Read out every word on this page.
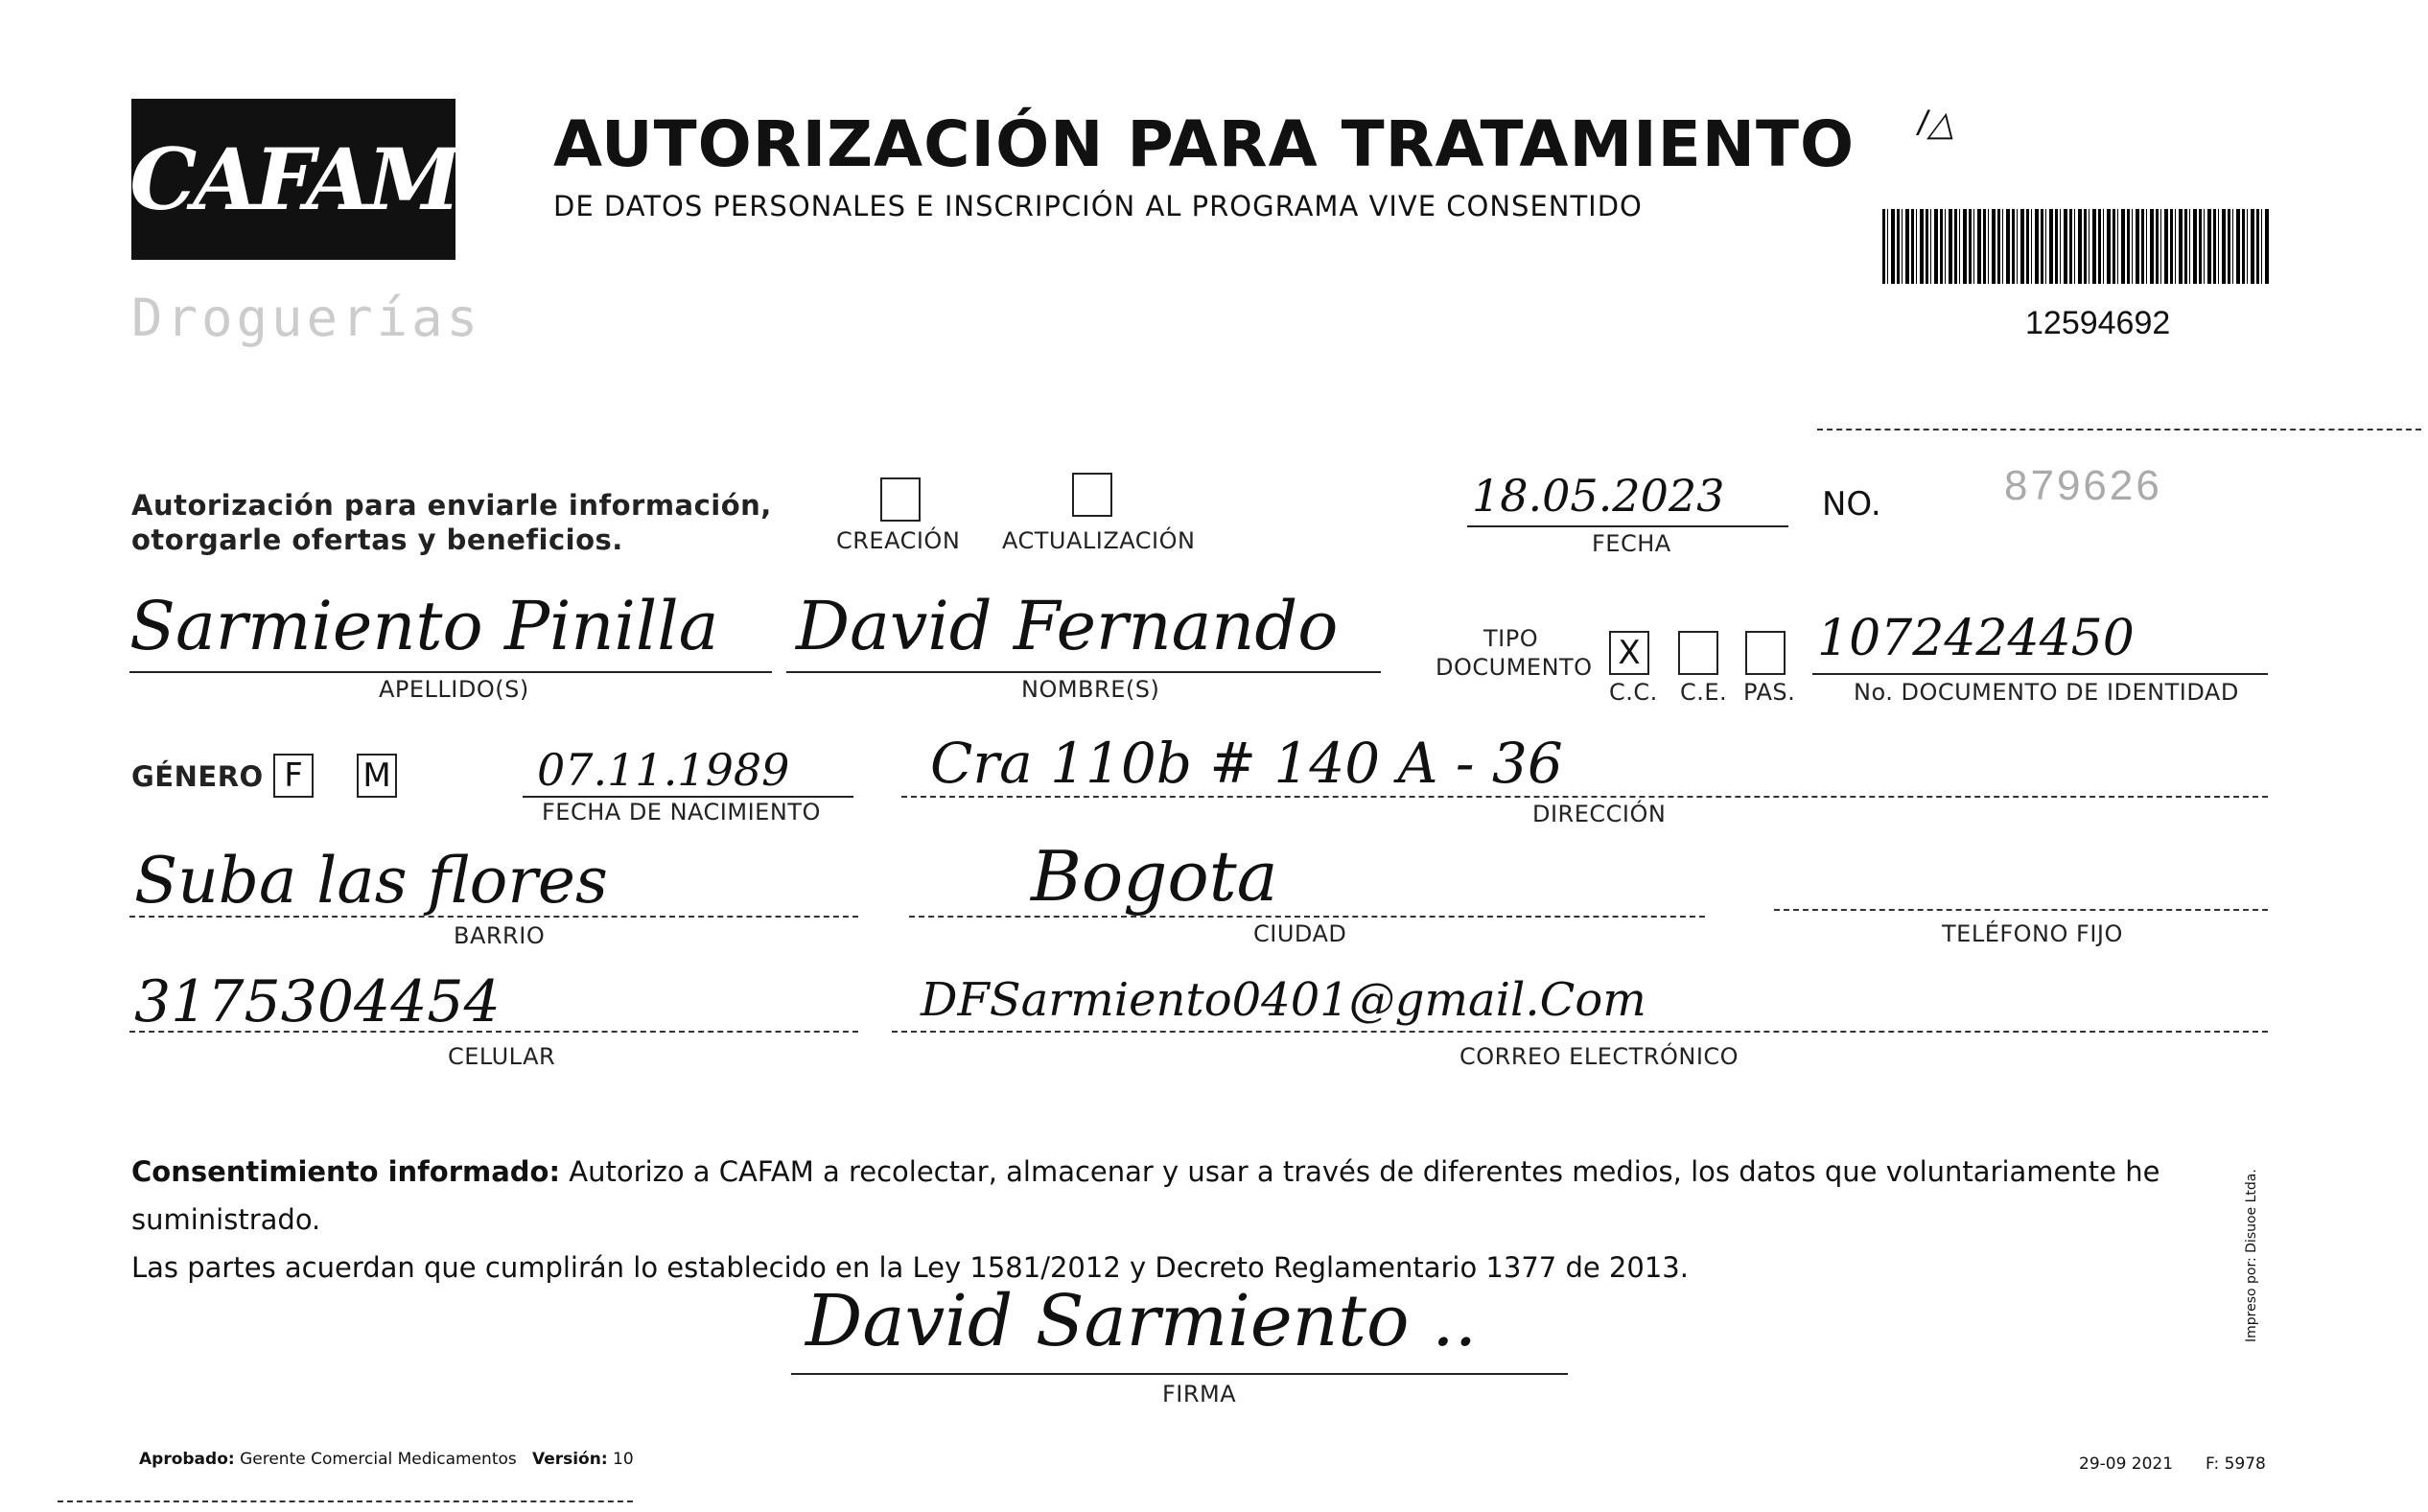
CAFAM
Droguerías
AUTORIZACIÓN PARA TRATAMIENTO
DE DATOS PERSONALES E INSCRIPCIÓN AL PROGRAMA VIVE CONSENTIDO
/△
12594692
Autorización para enviarle información,
otorgarle ofertas y beneficios.	CREACIÓN ACTUALIZACIÓN
18.05.2023
FECHA
NO.	879626
Sarmiento Pinilla
APELLIDO(S)
David Fernando
NOMBRE(S)
TIPO
DOCUMENTO X
C.C. C.E. PAS.
1072424450
No. DOCUMENTO DE IDENTIDAD
GÉNERO F	M	07.11.1989
FECHA DE NACIMIENTO
Cra 110b # 140 A - 36
DIRECCIÓN
Suba las flores
BARRIO
Bogota
CIUDAD	TELÉFONO FIJO
3175304454
CELULAR
DFSarmiento0401@gmail.Com
CORREO ELECTRÓNICO
Consentimiento informado: Autorizo a CAFAM a recolectar, almacenar y usar a través de diferentes medios, los datos que voluntariamente he suministrado.
Las partes acuerdan que cumplirán lo establecido en la Ley 1581/2012 y Decreto Reglamentario 1377 de 2013.
David Sarmiento ..
FIRMA
Aprobado: Gerente Comercial Medicamentos Versión: 10	29-09 2021 F: 5978
Impreso por: Disuoe Ltda.
